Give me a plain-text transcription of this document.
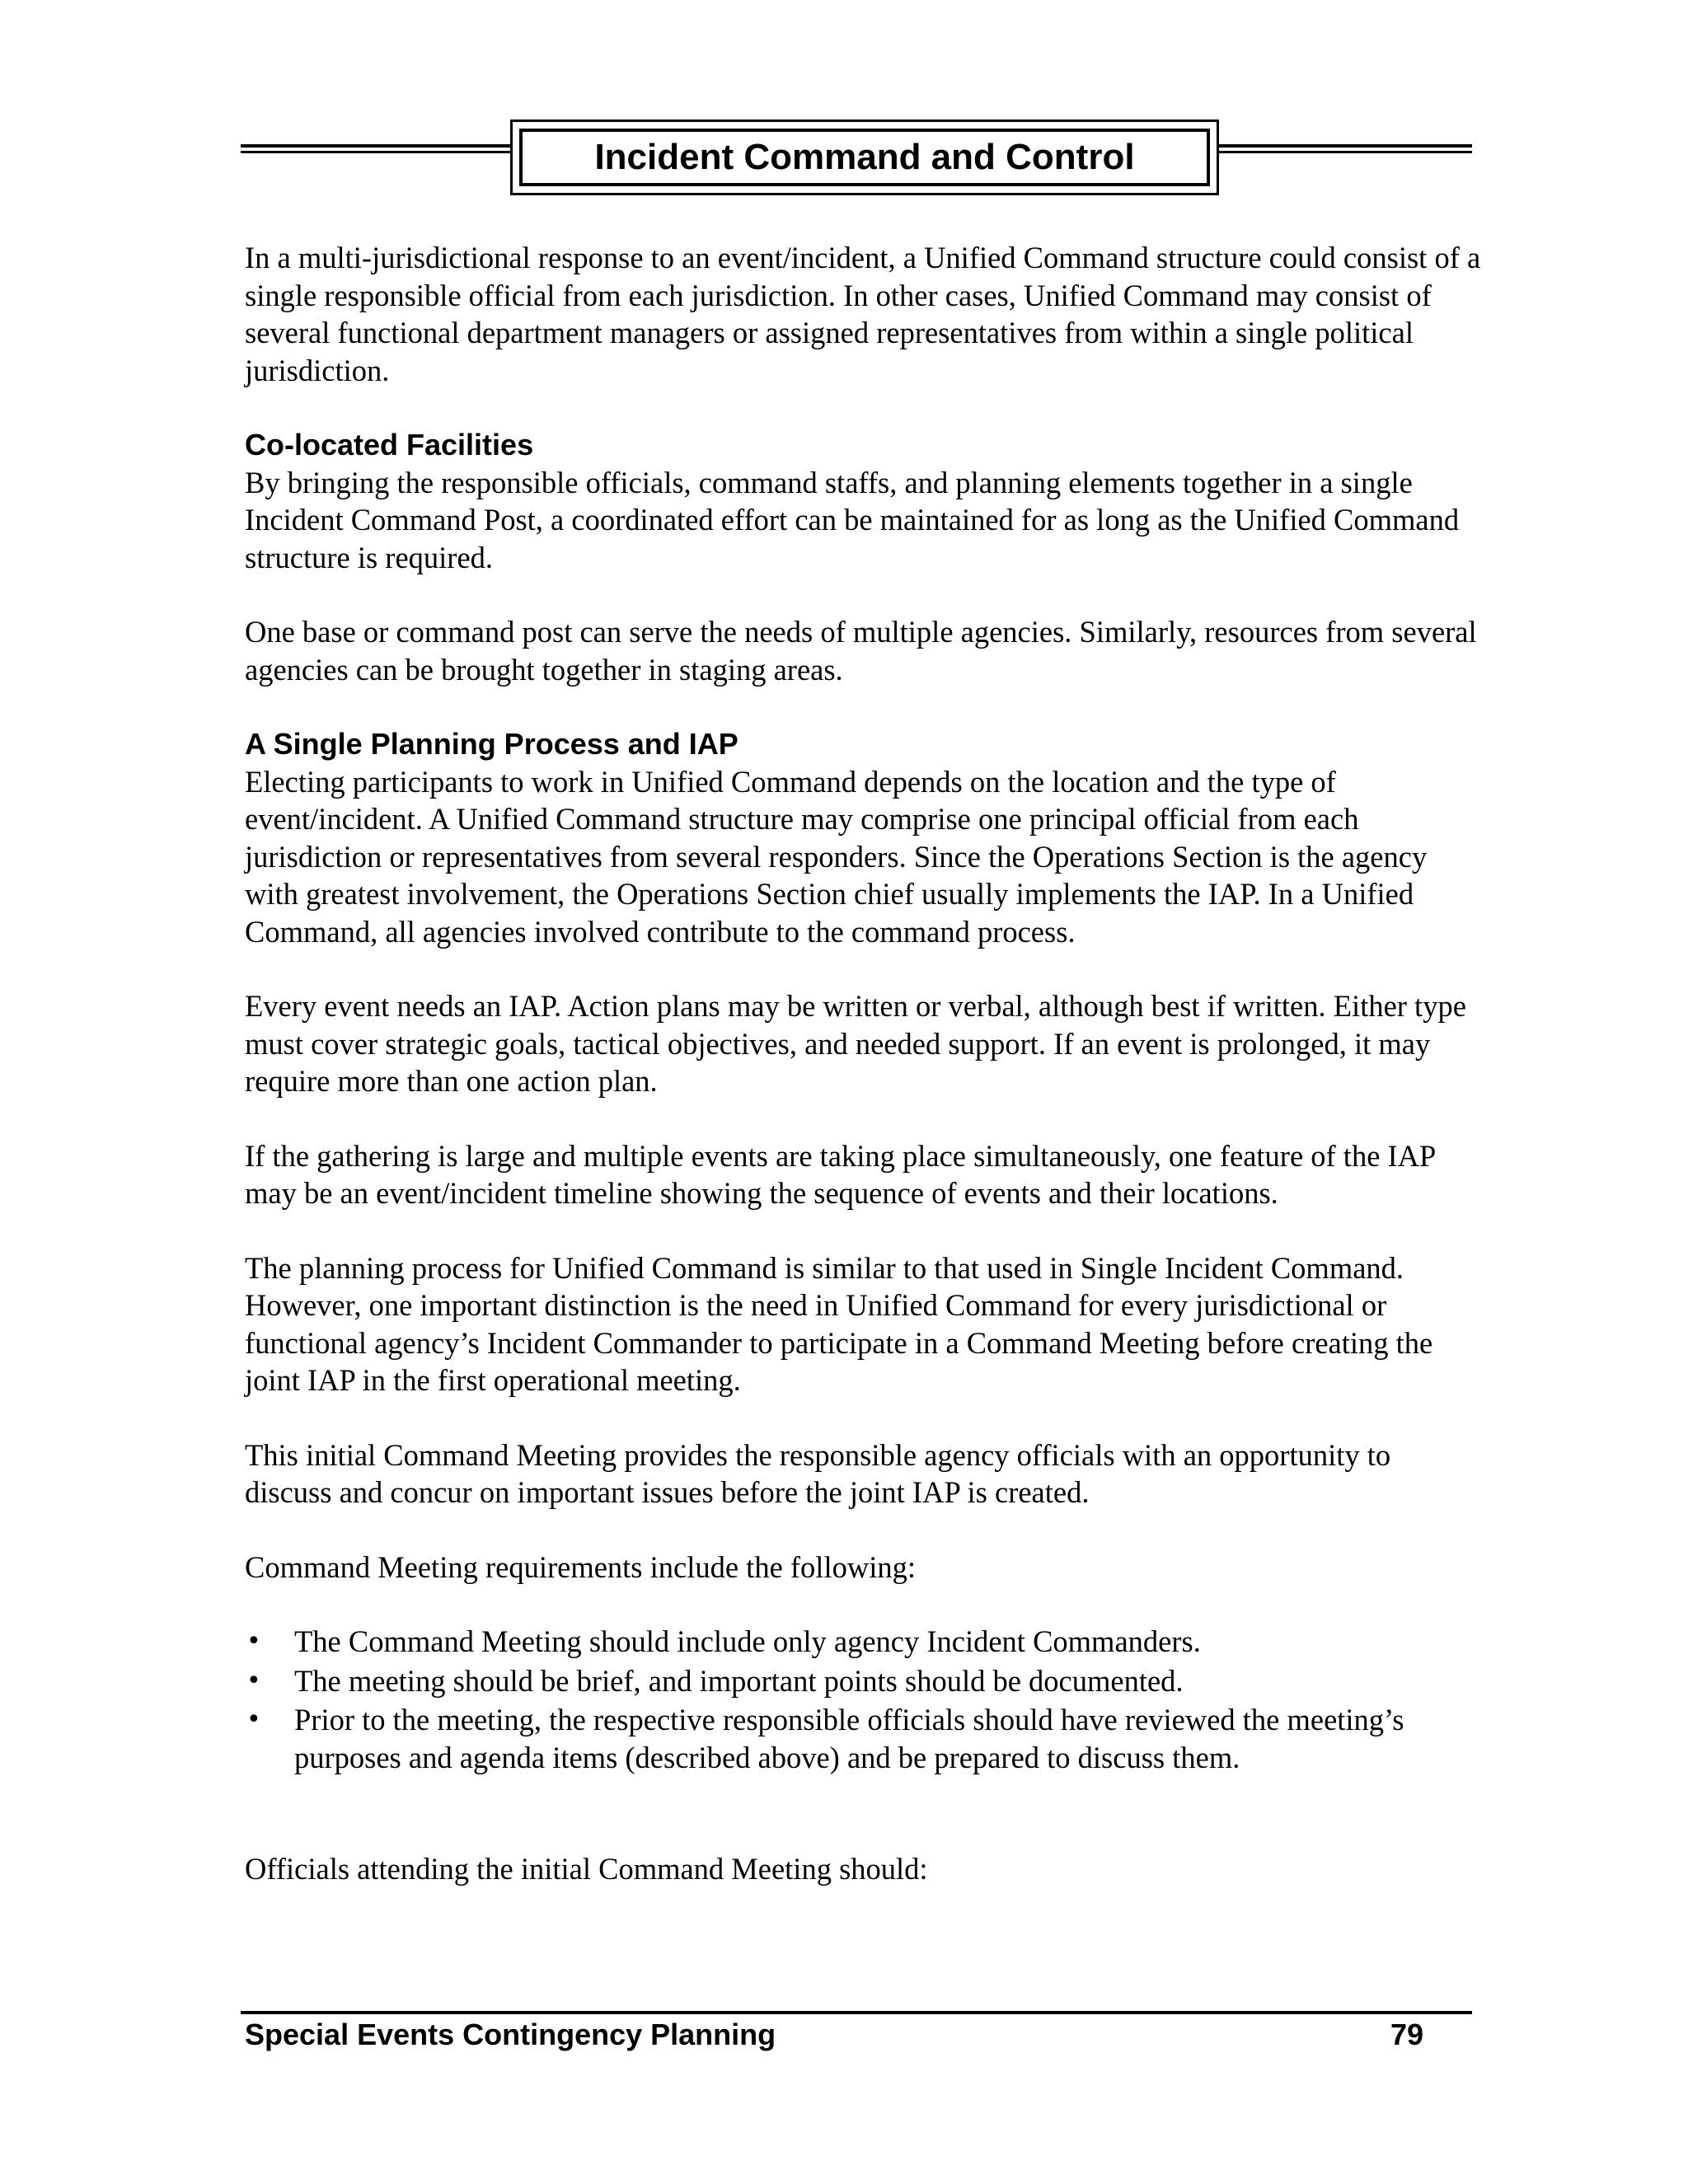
Incident Command and Control

In a multi-jurisdictional response to an event/incident, a Unified Command structure could consist of a single responsible official from each jurisdiction. In other cases, Unified Command may consist of several functional department managers or assigned representatives from within a single political jurisdiction.

Co-located Facilities

By bringing the responsible officials, command staffs, and planning elements together in a single Incident Command Post, a coordinated effort can be maintained for as long as the Unified Command structure is required.

One base or command post can serve the needs of multiple agencies. Similarly, resources from several agencies can be brought together in staging areas.

A Single Planning Process and IAP

Electing participants to work in Unified Command depends on the location and the type of event/incident. A Unified Command structure may comprise one principal official from each jurisdiction or representatives from several responders. Since the Operations Section is the agency with greatest involvement, the Operations Section chief usually implements the IAP. In a Unified Command, all agencies involved contribute to the command process.

Every event needs an IAP. Action plans may be written or verbal, although best if written. Either type must cover strategic goals, tactical objectives, and needed support. If an event is prolonged, it may require more than one action plan.

If the gathering is large and multiple events are taking place simultaneously, one feature of the IAP may be an event/incident timeline showing the sequence of events and their locations.

The planning process for Unified Command is similar to that used in Single Incident Command. However, one important distinction is the need in Unified Command for every jurisdictional or functional agency’s Incident Commander to participate in a Command Meeting before creating the joint IAP in the first operational meeting.

This initial Command Meeting provides the responsible agency officials with an opportunity to discuss and concur on important issues before the joint IAP is created.

Command Meeting requirements include the following:

• The Command Meeting should include only agency Incident Commanders.
• The meeting should be brief, and important points should be documented.
• Prior to the meeting, the respective responsible officials should have reviewed the meeting’s purposes and agenda items (described above) and be prepared to discuss them.

Officials attending the initial Command Meeting should:

Special Events Contingency Planning	79
